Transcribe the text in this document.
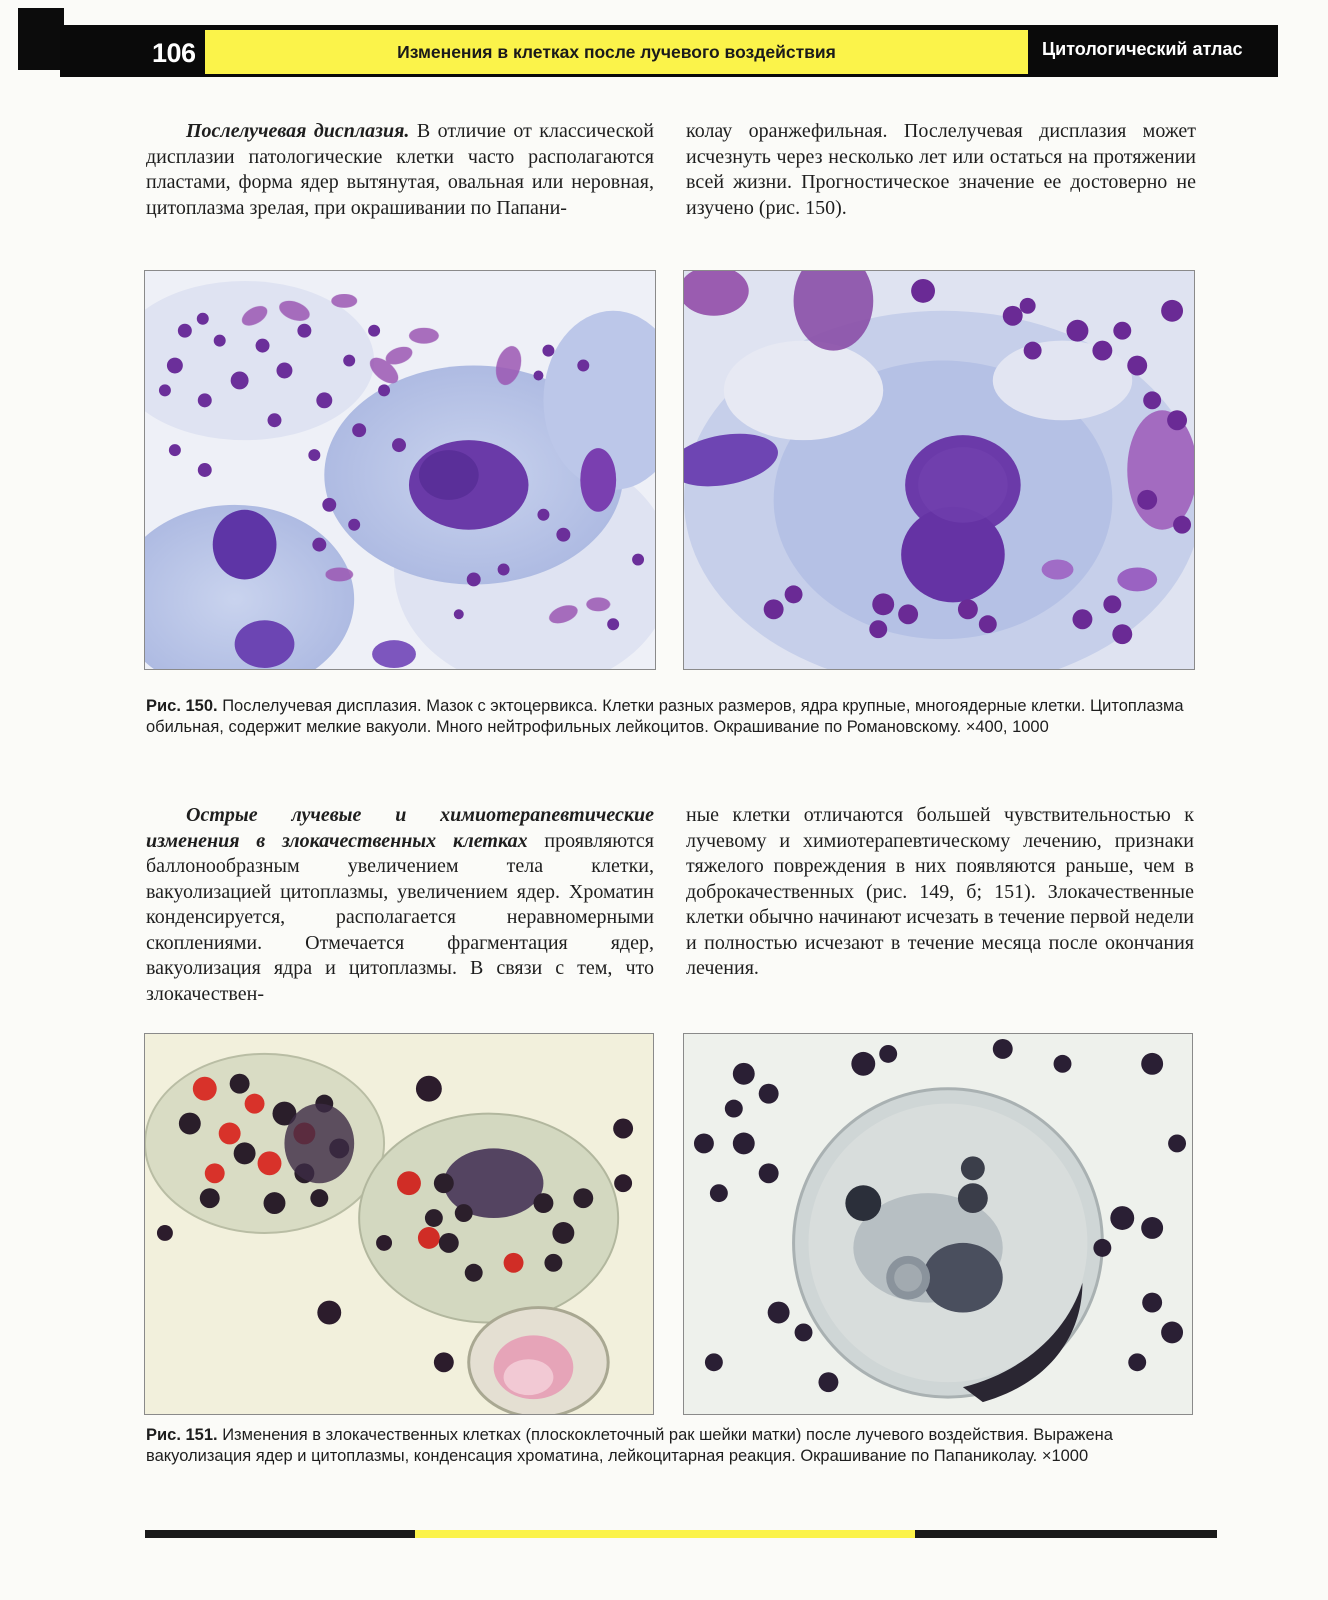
106	Изменения в клетках после лучевого воздействия	Цитологический атлас
Послелучевая дисплазия. В отличие от классической дисплазии патологические клетки часто располагаются пластами, форма ядер вытянутая, овальная или неровная, цитоплазма зрелая, при окрашивании по Папани-
колау оранжефильная. Послелучевая дисплазия может исчезнуть через несколько лет или остаться на протяжении всей жизни. Прогностическое значение ее достоверно не изучено (рис. 150).
Рис. 150. Послелучевая дисплазия. Мазок с эктоцервикса. Клетки разных размеров, ядра крупные, многоядерные клетки. Цитоплазма обильная, содержит мелкие вакуоли. Много нейтрофильных лейкоцитов. Окрашивание по Романовскому. ×400, 1000
Острые лучевые и химиотерапевтические изменения в злокачественных клетках проявляются баллонообразным увеличением тела клетки, вакуолизацией цитоплазмы, увеличением ядер. Хроматин конденсируется, располагается неравномерными скоплениями. Отмечается фрагментация ядер, вакуолизация ядра и цитоплазмы. В связи с тем, что злокачествен-
ные клетки отличаются большей чувствительностью к лучевому и химиотерапевтическому лечению, признаки тяжелого повреждения в них появляются раньше, чем в доброкачественных (рис. 149, б; 151). Злокачественные клетки обычно начинают исчезать в течение первой недели и полностью исчезают в течение месяца после окончания лечения.
Рис. 151. Изменения в злокачественных клетках (плоскоклеточный рак шейки матки) после лучевого воздействия. Выражена вакуолизация ядер и цитоплазмы, конденсация хроматина, лейкоцитарная реакция. Окрашивание по Папаниколау. ×1000
